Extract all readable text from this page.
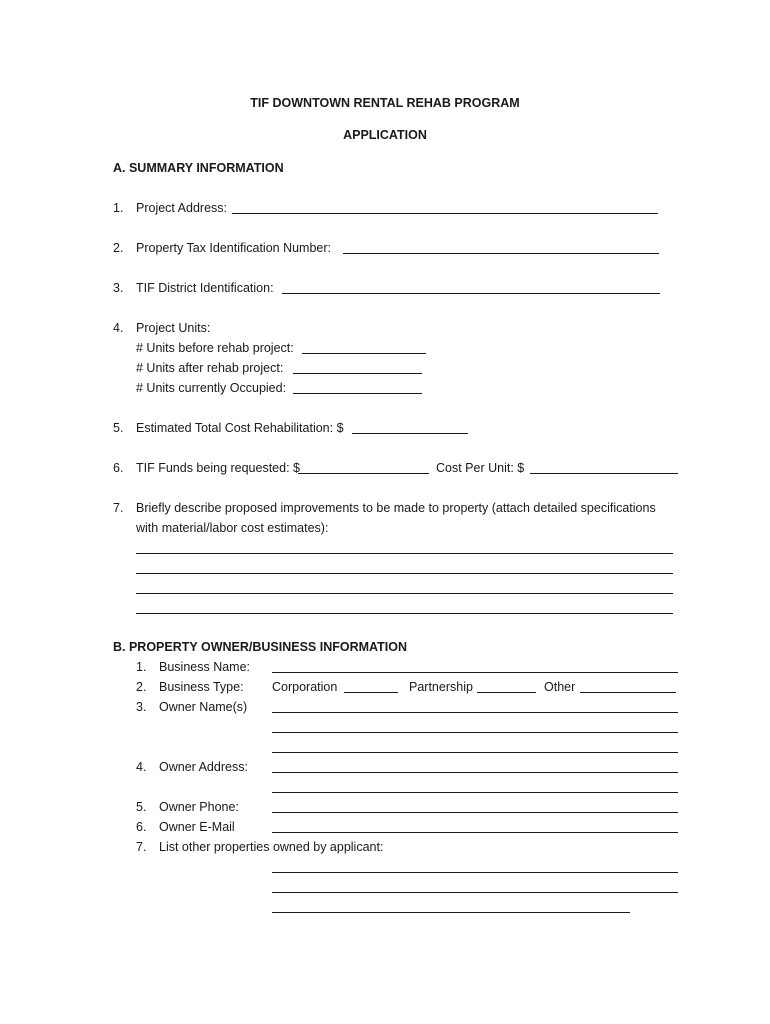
TIF DOWNTOWN RENTAL REHAB PROGRAM
APPLICATION
A. SUMMARY INFORMATION
1. Project Address:
2. Property Tax Identification Number:
3. TIF District Identification:
4. Project Units:
# Units before rehab project:
# Units after rehab project:
# Units currently Occupied:
5. Estimated Total Cost Rehabilitation: $
6. TIF Funds being requested: $	Cost Per Unit: $
7. Briefly describe proposed improvements to be made to property (attach detailed specifications
with material/labor cost estimates):
B. PROPERTY OWNER/BUSINESS INFORMATION
1. Business Name:
2. Business Type: Corporation	Partnership	Other
3. Owner Name(s)
4. Owner Address:
5. Owner Phone:
6. Owner E-Mail
7. List other properties owned by applicant:
